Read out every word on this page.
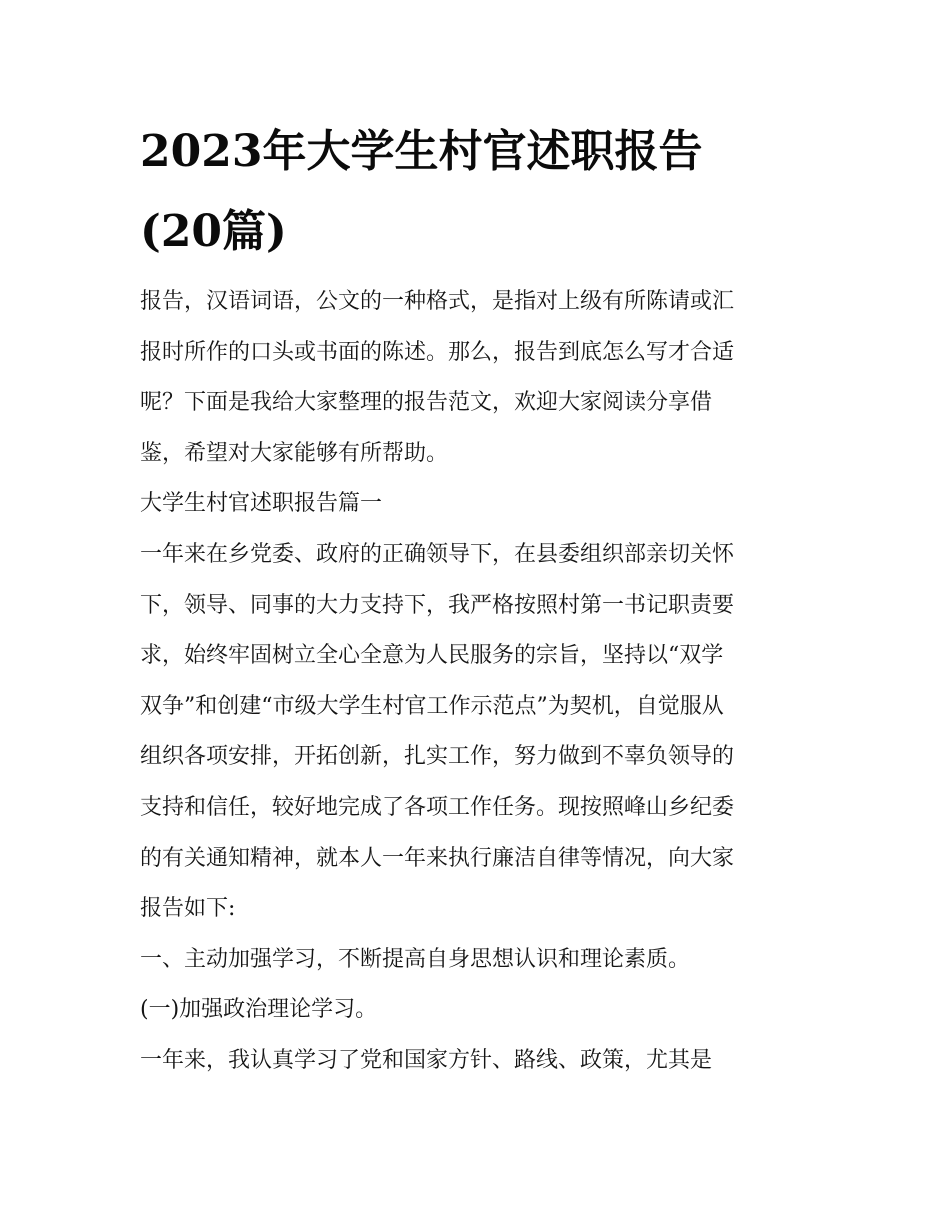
2023年大学生村官述职报告
(20篇)
报告，汉语词语，公文的一种格式，是指对上级有所陈请或汇
报时所作的口头或书面的陈述。那么，报告到底怎么写才合适
呢？下面是我给大家整理的报告范文，欢迎大家阅读分享借
鉴，希望对大家能够有所帮助。
大学生村官述职报告篇一
一年来在乡党委、政府的正确领导下，在县委组织部亲切关怀
下，领导、同事的大力支持下，我严格按照村第一书记职责要
求，始终牢固树立全心全意为人民服务的宗旨，坚持以“双学
双争”和创建“市级大学生村官工作示范点”为契机，自觉服从
组织各项安排，开拓创新，扎实工作，努力做到不辜负领导的
支持和信任，较好地完成了各项工作任务。现按照峰山乡纪委
的有关通知精神，就本人一年来执行廉洁自律等情况，向大家
报告如下:
一、主动加强学习，不断提高自身思想认识和理论素质。
(一)加强政治理论学习。
一年来，我认真学习了党和国家方针、路线、政策，尤其是
